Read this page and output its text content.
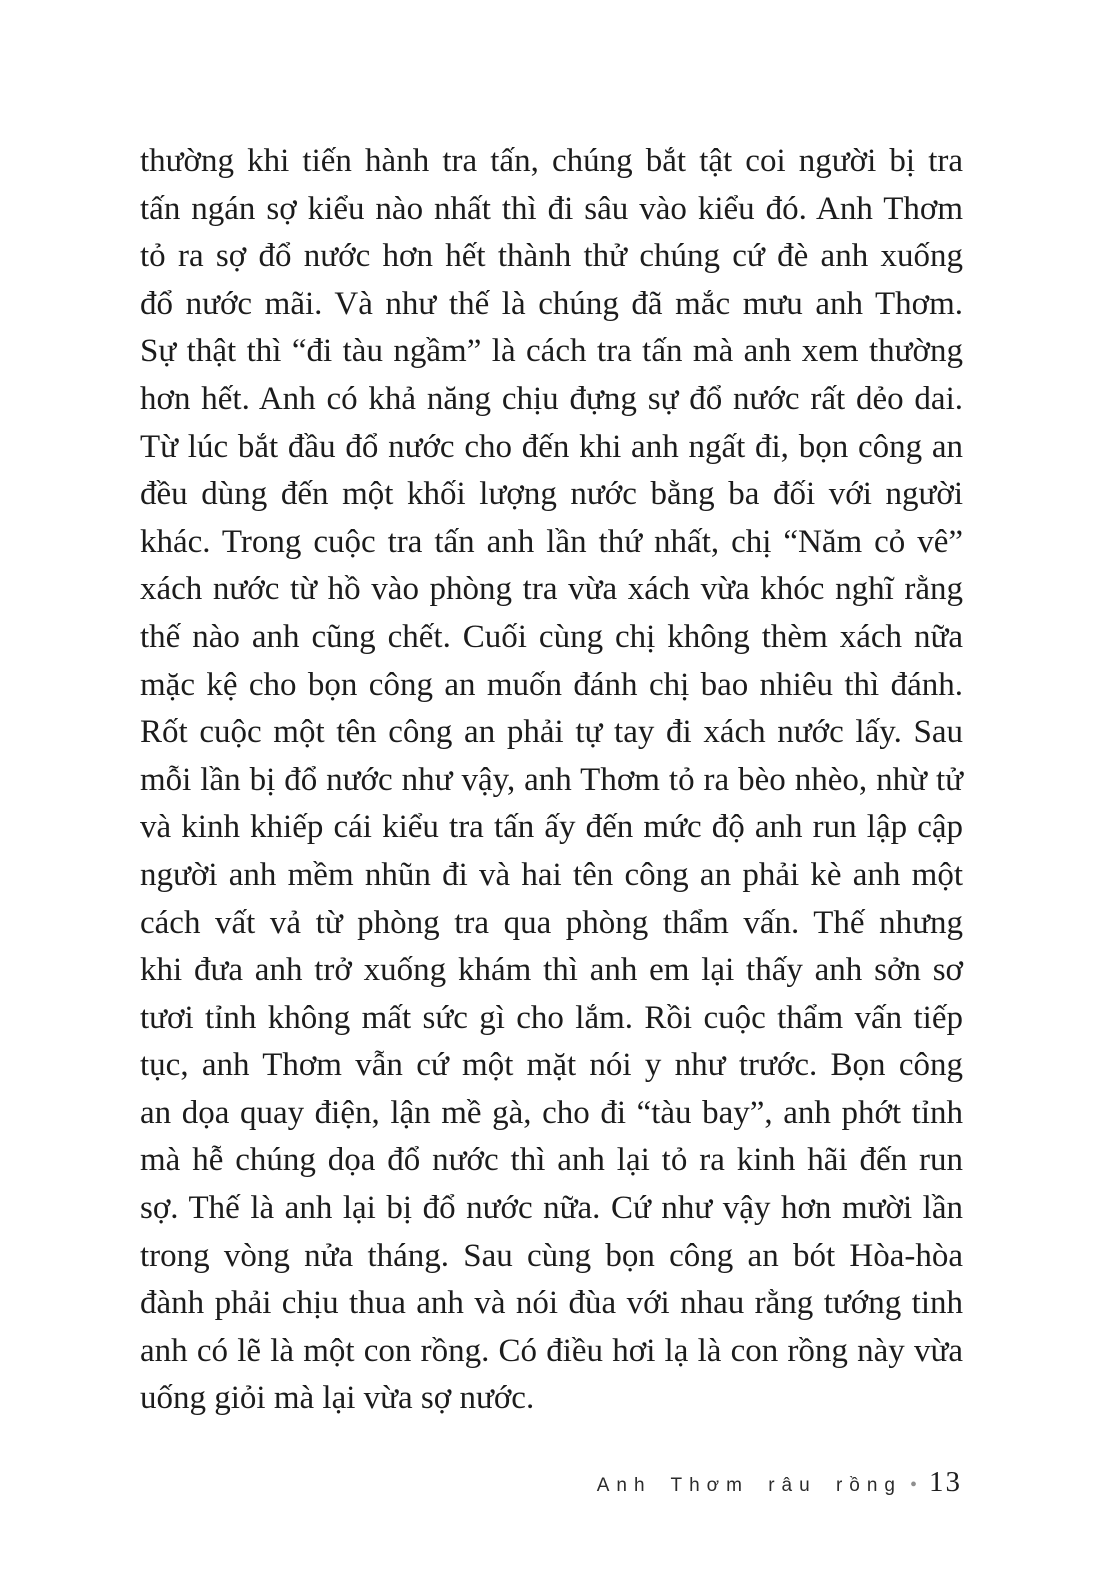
thường khi tiến hành tra tấn, chúng bắt tật coi người bị tra
tấn ngán sợ kiểu nào nhất thì đi sâu vào kiểu đó. Anh Thơm
tỏ ra sợ đổ nước hơn hết thành thử chúng cứ đè anh xuống
đổ nước mãi. Và như thế là chúng đã mắc mưu anh Thơm.
Sự thật thì “đi tàu ngầm” là cách tra tấn mà anh xem thường
hơn hết. Anh có khả năng chịu đựng sự đổ nước rất dẻo dai.
Từ lúc bắt đầu đổ nước cho đến khi anh ngất đi, bọn công an
đều dùng đến một khối lượng nước bằng ba đối với người
khác. Trong cuộc tra tấn anh lần thứ nhất, chị “Năm cỏ vê”
xách nước từ hồ vào phòng tra vừa xách vừa khóc nghĩ rằng
thế nào anh cũng chết. Cuối cùng chị không thèm xách nữa
mặc kệ cho bọn công an muốn đánh chị bao nhiêu thì đánh.
Rốt cuộc một tên công an phải tự tay đi xách nước lấy. Sau
mỗi lần bị đổ nước như vậy, anh Thơm tỏ ra bèo nhèo, nhừ tử
và kinh khiếp cái kiểu tra tấn ấy đến mức độ anh run lập cập
người anh mềm nhũn đi và hai tên công an phải kè anh một
cách vất vả từ phòng tra qua phòng thẩm vấn. Thế nhưng
khi đưa anh trở xuống khám thì anh em lại thấy anh sởn sơ
tươi tỉnh không mất sức gì cho lắm. Rồi cuộc thẩm vấn tiếp
tục, anh Thơm vẫn cứ một mặt nói y như trước. Bọn công
an dọa quay điện, lận mề gà, cho đi “tàu bay”, anh phớt tỉnh
mà hễ chúng dọa đổ nước thì anh lại tỏ ra kinh hãi đến run
sợ. Thế là anh lại bị đổ nước nữa. Cứ như vậy hơn mười lần
trong vòng nửa tháng. Sau cùng bọn công an bót Hòa-hòa
đành phải chịu thua anh và nói đùa với nhau rằng tướng tinh
anh có lẽ là một con rồng. Có điều hơi lạ là con rồng này vừa
uống giỏi mà lại vừa sợ nước.
Anh Thơm râu rồng • 13
